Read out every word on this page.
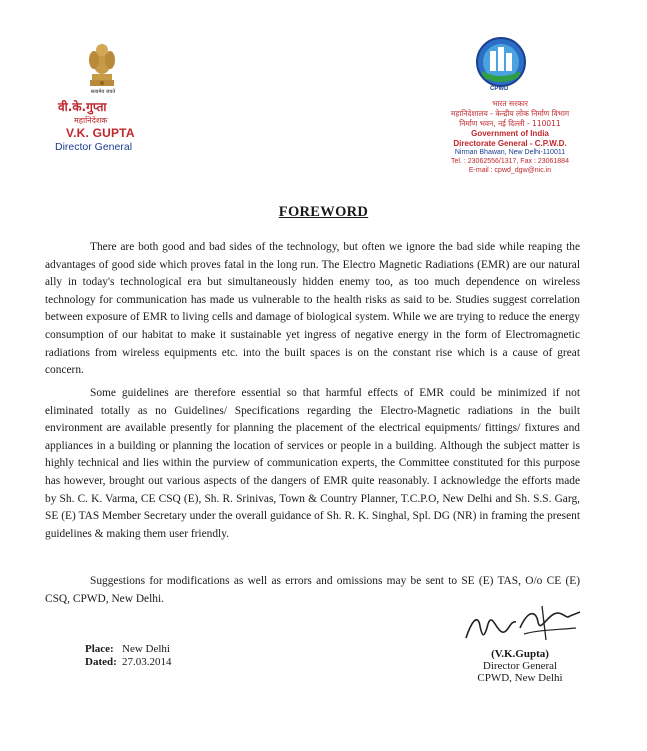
सत्यमेव जयते
वी.के.गुप्ता
महानिदेशक
V.K. GUPTA
Director General
CPWD
भारत सरकार
महानिदेशालय - केन्द्रीय लोक निर्माण विभाग
निर्माण भवन, नई दिल्ली - 110011
Government of India
Directorate General - C.P.W.D.
Nirman Bhawan, New Delhi-110011
Tel. : 23062556/1317, Fax : 23061884
E-mail : cpwd_dgw@nic.in
FOREWORD

There are both good and bad sides of the technology, but often we ignore the bad side while reaping the advantages of good side which proves fatal in the long run. The Electro Magnetic Radiations (EMR) are our natural ally in today's technological era but simultaneously hidden enemy too, as too much dependence on wireless technology for communication has made us vulnerable to the health risks as said to be. Studies suggest correlation between exposure of EMR to living cells and damage of biological system. While we are trying to reduce the energy consumption of our habitat to make it sustainable yet ingress of negative energy in the form of Electromagnetic radiations from wireless equipments etc. into the built spaces is on the constant rise which is a cause of great concern.

Some guidelines are therefore essential so that harmful effects of EMR could be minimized if not eliminated totally as no Guidelines/ Specifications regarding the Electro-Magnetic radiations in the built environment are available presently for planning the placement of the electrical equipments/ fittings/ fixtures and appliances in a building or planning the location of services or people in a building. Although the subject matter is highly technical and lies within the purview of communication experts, the Committee constituted for this purpose has however, brought out various aspects of the dangers of EMR quite reasonably. I acknowledge the efforts made by Sh. C. K. Varma, CE CSQ (E), Sh. R. Srinivas, Town & Country Planner, T.C.P.O, New Delhi and Sh. S.S. Garg, SE (E) TAS Member Secretary under the overall guidance of Sh. R. K. Singhal, Spl. DG (NR) in framing the present guidelines & making them user friendly.

Suggestions for modifications as well as errors and omissions may be sent to SE (E) TAS, O/o CE (E) CSQ, CPWD, New Delhi.

Place: New Delhi
Dated: 27.03.2014
(V.K.Gupta)
Director General
CPWD, New Delhi
